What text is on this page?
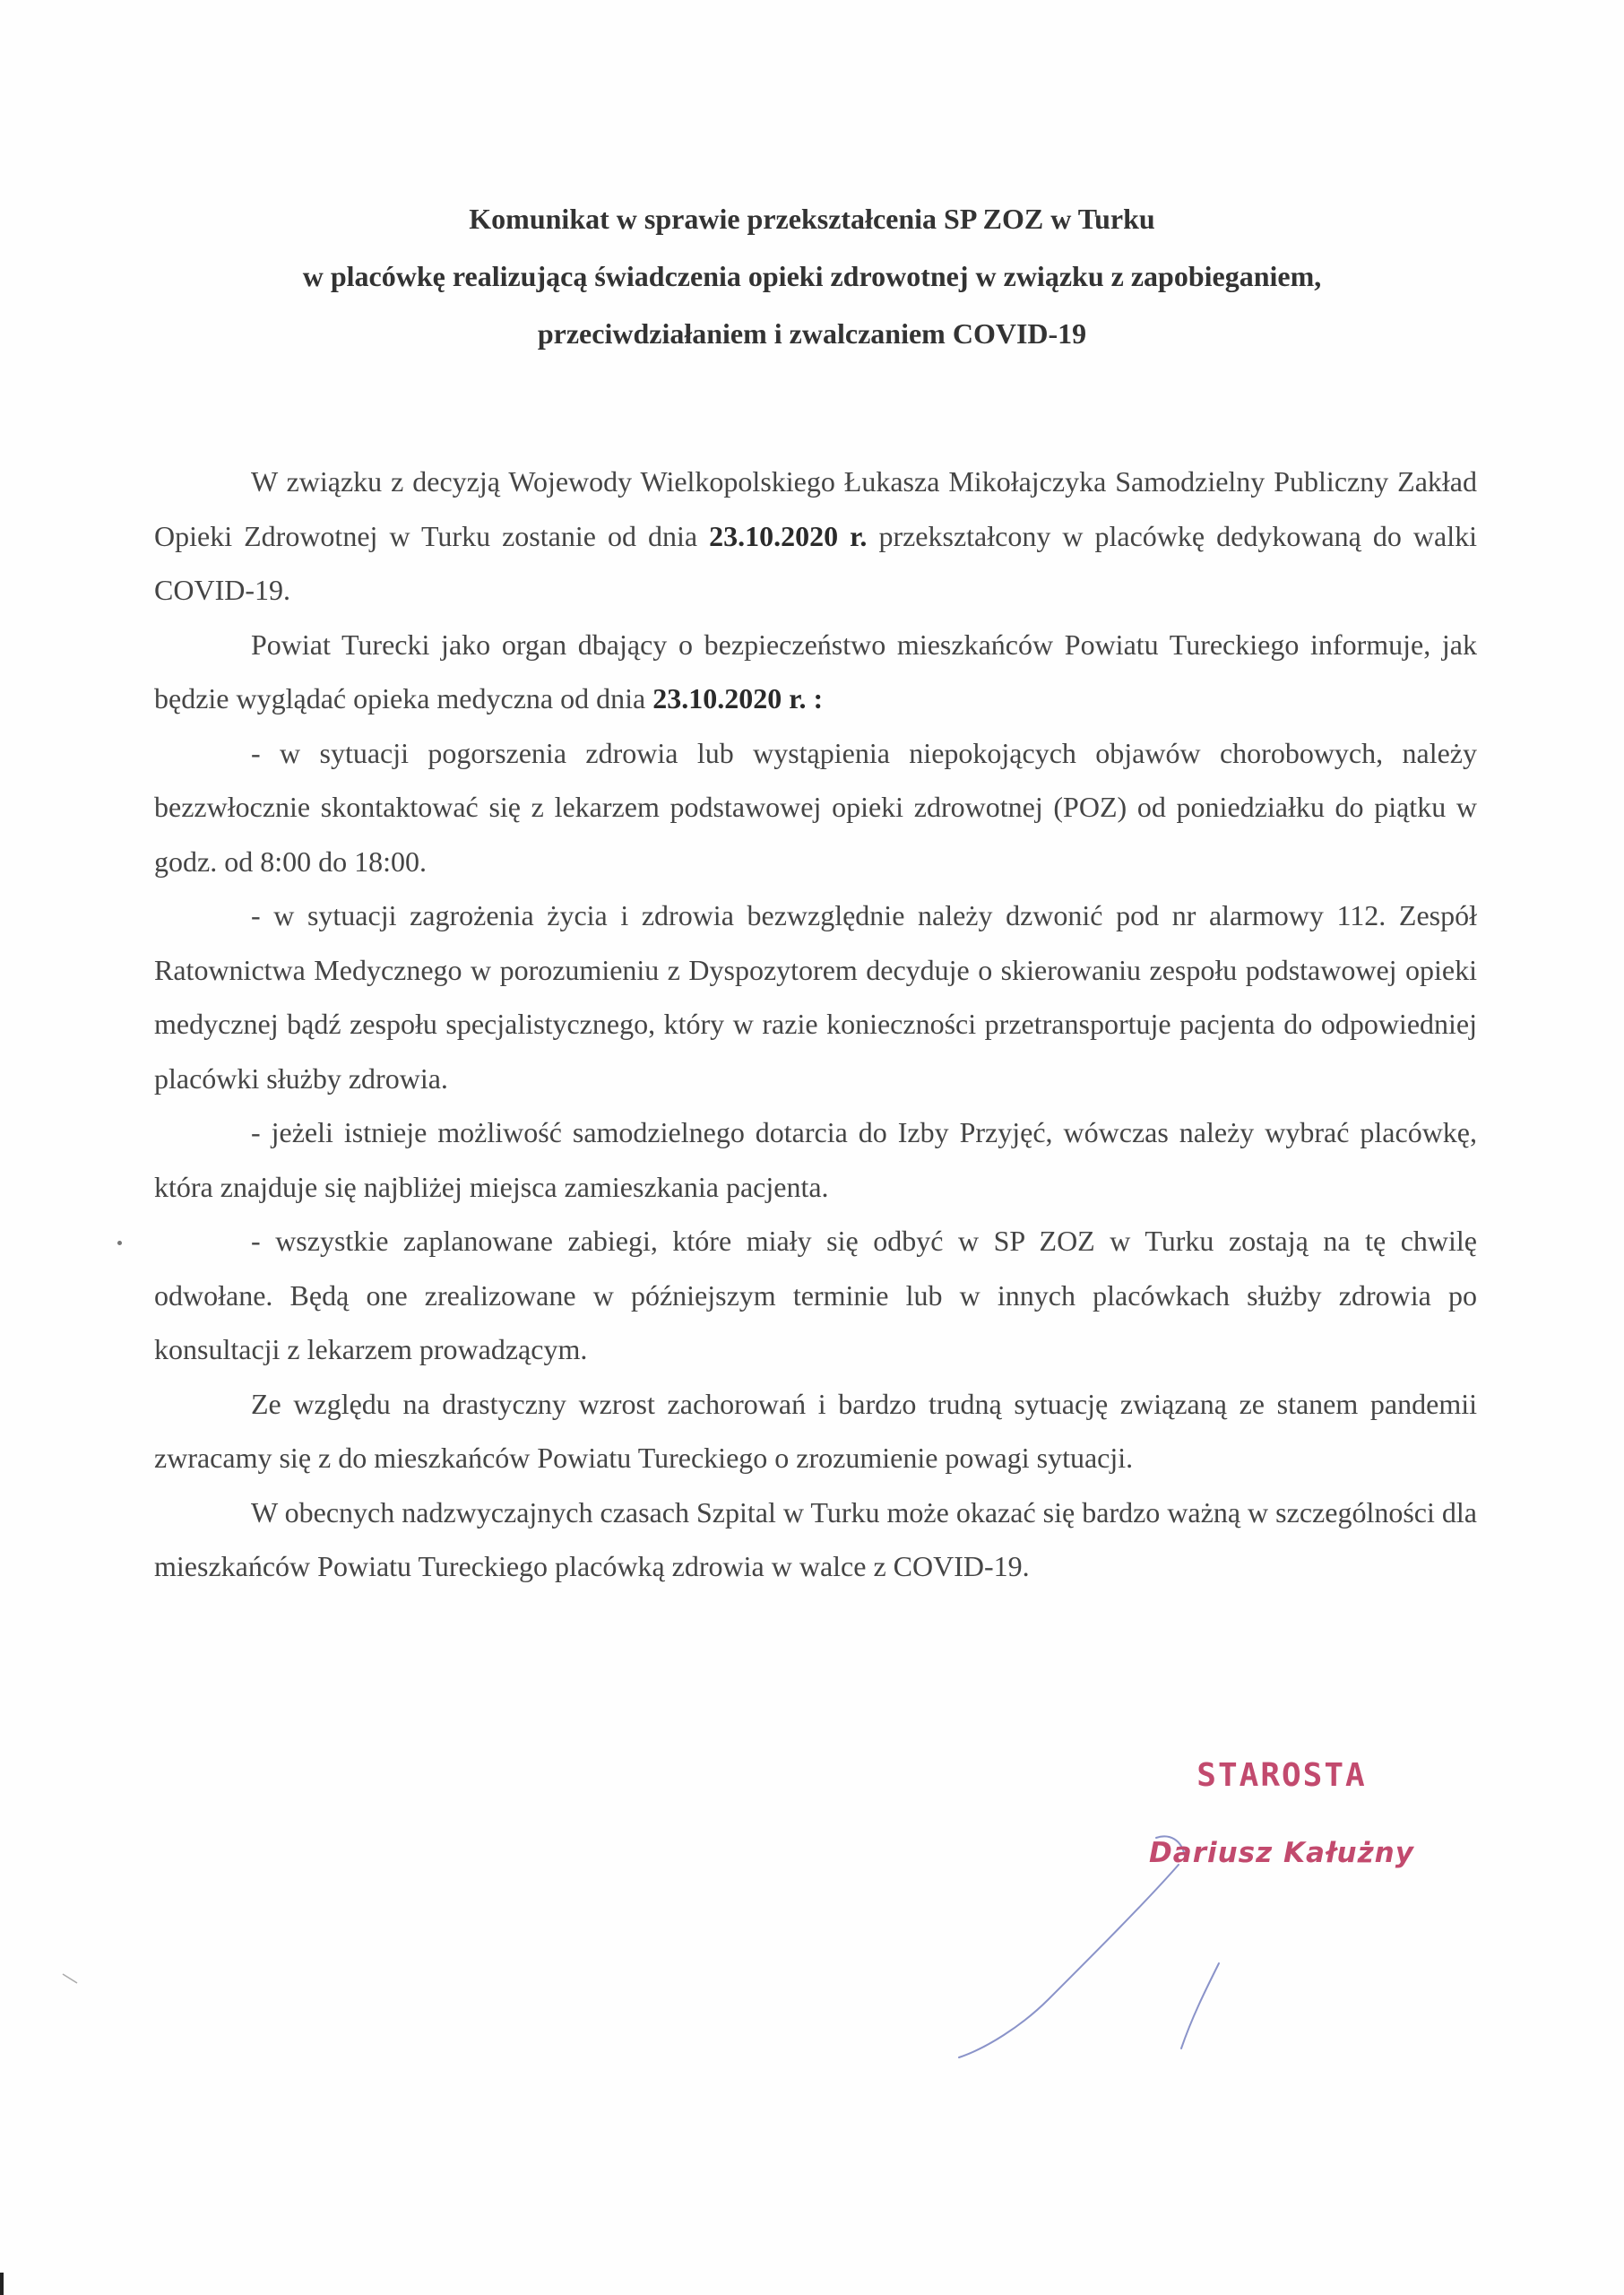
Komunikat w sprawie przekształcenia SP ZOZ w Turku
w placówkę realizującą świadczenia opieki zdrowotnej w związku z zapobieganiem,
przeciwdziałaniem i zwalczaniem COVID-19

W związku z decyzją Wojewody Wielkopolskiego Łukasza Mikołajczyka Samodzielny Publiczny Zakład Opieki Zdrowotnej w Turku zostanie od dnia 23.10.2020 r. przekształcony w placówkę dedykowaną do walki COVID-19.

Powiat Turecki jako organ dbający o bezpieczeństwo mieszkańców Powiatu Tureckiego informuje, jak będzie wyglądać opieka medyczna od dnia 23.10.2020 r. :

- w sytuacji pogorszenia zdrowia lub wystąpienia niepokojących objawów chorobowych, należy bezzwłocznie skontaktować się z lekarzem podstawowej opieki zdrowotnej (POZ) od poniedziałku do piątku w godz. od 8:00 do 18:00.

- w sytuacji zagrożenia życia i zdrowia bezwzględnie należy dzwonić pod nr alarmowy 112. Zespół Ratownictwa Medycznego w porozumieniu z Dyspozytorem decyduje o skierowaniu zespołu podstawowej opieki medycznej bądź zespołu specjalistycznego, który w razie konieczności przetransportuje pacjenta do odpowiedniej placówki służby zdrowia.

- jeżeli istnieje możliwość samodzielnego dotarcia do Izby Przyjęć, wówczas należy wybrać placówkę, która znajduje się najbliżej miejsca zamieszkania pacjenta.

- wszystkie zaplanowane zabiegi, które miały się odbyć w SP ZOZ w Turku zostają na tę chwilę odwołane. Będą one zrealizowane w późniejszym terminie lub w innych placówkach służby zdrowia po konsultacji z lekarzem prowadzącym.

Ze względu na drastyczny wzrost zachorowań i bardzo trudną sytuację związaną ze stanem pandemii zwracamy się z do mieszkańców Powiatu Tureckiego o zrozumienie powagi sytuacji.

W obecnych nadzwyczajnych czasach Szpital w Turku może okazać się bardzo ważną w szczególności dla mieszkańców Powiatu Tureckiego placówką zdrowia w walce z COVID-19.

STAROSTA
Dariusz Kałużny
